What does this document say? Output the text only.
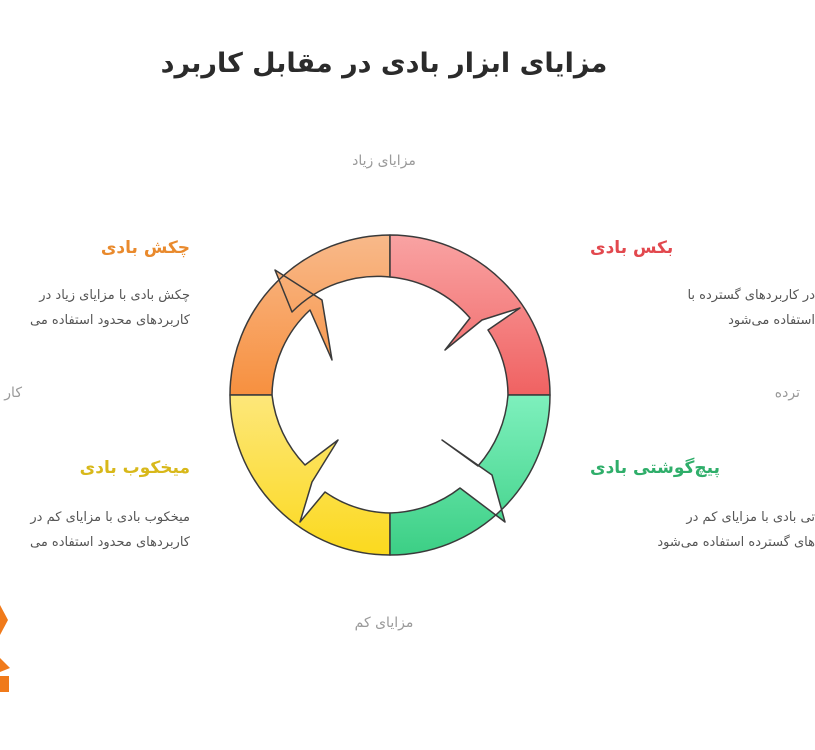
مزایای ابزار بادی در مقابل کاربرد
مزایای زیاد
مزایای کم
کار	ترده
چکش بادی
چکش بادی با مزایای زیاد در
کاربردهای محدود استفاده می
بکس بادی
در کاربردهای گسترده با
استفاده می‌شود
میخکوب بادی
میخکوب بادی با مزایای کم در
کاربردهای محدود استفاده می
پیچ‌گوشتی بادی
تی بادی با مزایای کم در
های گسترده استفاده می‌شود
